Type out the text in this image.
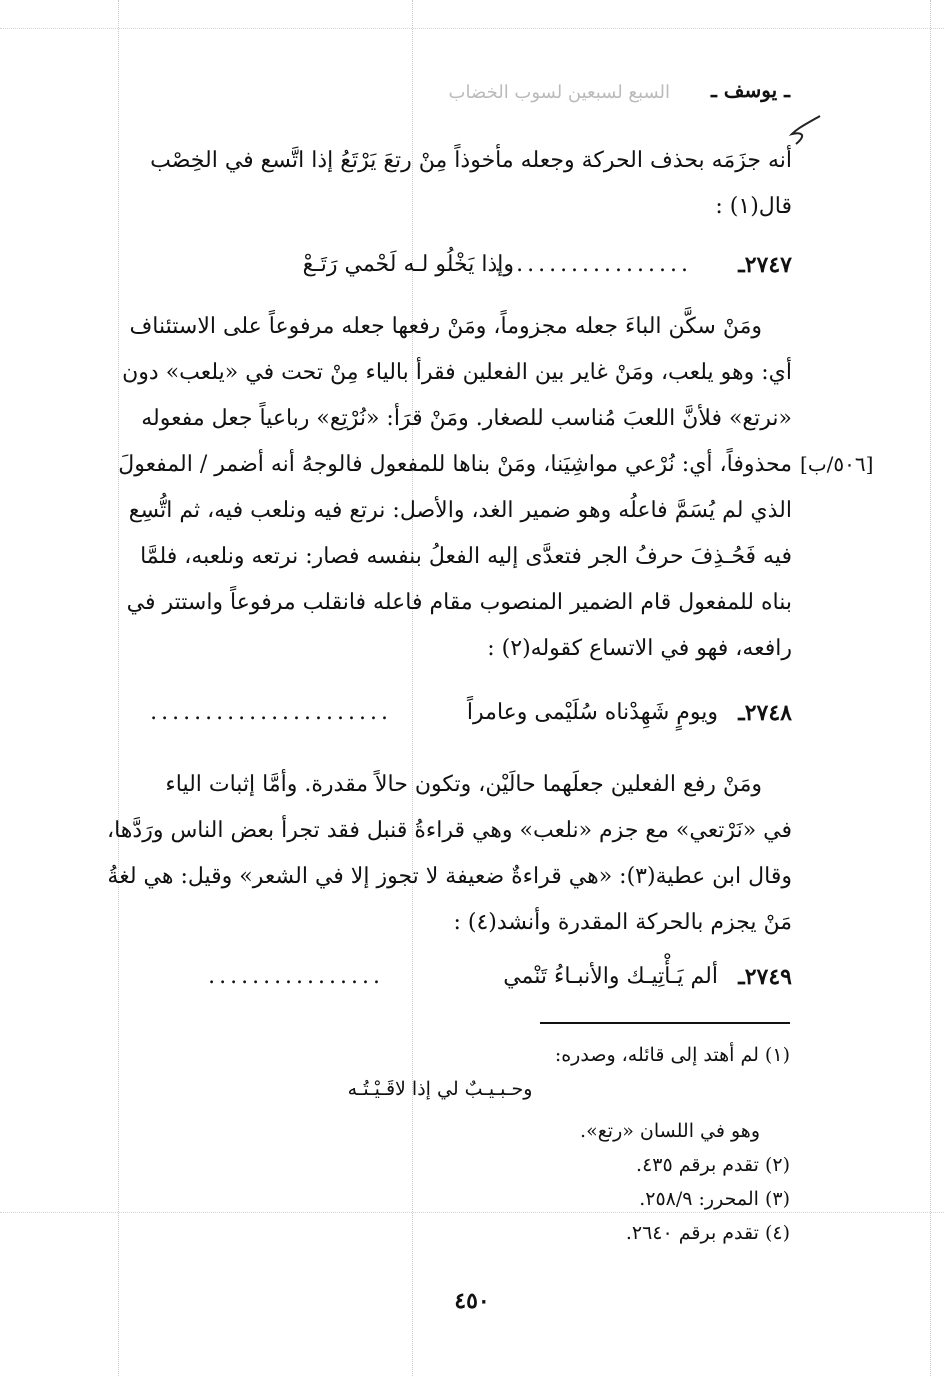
ـ يوسف ـ
السبع لسبعين لسوب الخضاب

أنه جزَمَه بحذف الحركة وجعله مأخوذاً مِنْ رتعَ يَرْتَعُ إذا اتَّسع في الخِصْب

قال(١) :

٢٧٤٧ـ
وإذا يَخْلُو لـه لَحْمي رَتَـعْ
..................

ومَنْ سكَّن الباءَ جعله مجزوماً، ومَنْ رفعها جعله مرفوعاً على الاستئناف

أي: وهو يلعب، ومَنْ غاير بين الفعلين فقرأ بالياء مِنْ تحت في «يلعب» دون

«نرتع» فلأنَّ اللعبَ مُناسب للصغار. ومَنْ قرَأ: «نُرْتِع» رباعياً جعل مفعوله

محذوفاً، أي: نُرْعي مواشِيَنا، ومَنْ بناها للمفعول فالوجهُ أنه أضمر / المفعولَ

الذي لم يُسَمَّ فاعلُه وهو ضمير الغد، والأصل: نرتع فيه ونلعب فيه، ثم اتُّسِع

فيه فَحُـذِفَ حرفُ الجر فتعدَّى إليه الفعلُ بنفسه فصار: نرتعه ونلعبه، فلمَّا

بناه للمفعول قام الضمير المنصوب مقام فاعله فانقلب مرفوعاً واستتر في

رافعه، فهو في الاتساع كقوله(٢) :

[٥٠٦/ب]
٢٧٤٨ـ
ويومٍ شَهِدْناه سُلَيْمى وعامراً
......................

ومَنْ رفع الفعلين جعلَهما حالَيْن، وتكون حالاً مقدرة. وأمَّا إثبات الياء

في «نَرْتعي» مع جزم «نلعب» وهي قراءةُ قنبل فقد تجرأ بعض الناس ورَدَّها،

وقال ابن عطية(٣): «هي قراءةٌ ضعيفة لا تجوز إلا في الشعر» وقيل: هي لغةُ

مَنْ يجزم بالحركة المقدرة وأنشد(٤) :

٢٧٤٩ـ
ألم يَـأْتِيـك والأنبـاءُ تَنْمي
................
(١) لم أهتد إلى قائله، وصدره:
وحـبـيـبٌ لي إذا لاقَـيْـتُـه
وهو في اللسان «رتع».
(٢) تقدم برقم ٤٣٥.
(٣) المحرر: ٢٥٨/٩.
(٤) تقدم برقم ٢٦٤٠.
٤٥٠
